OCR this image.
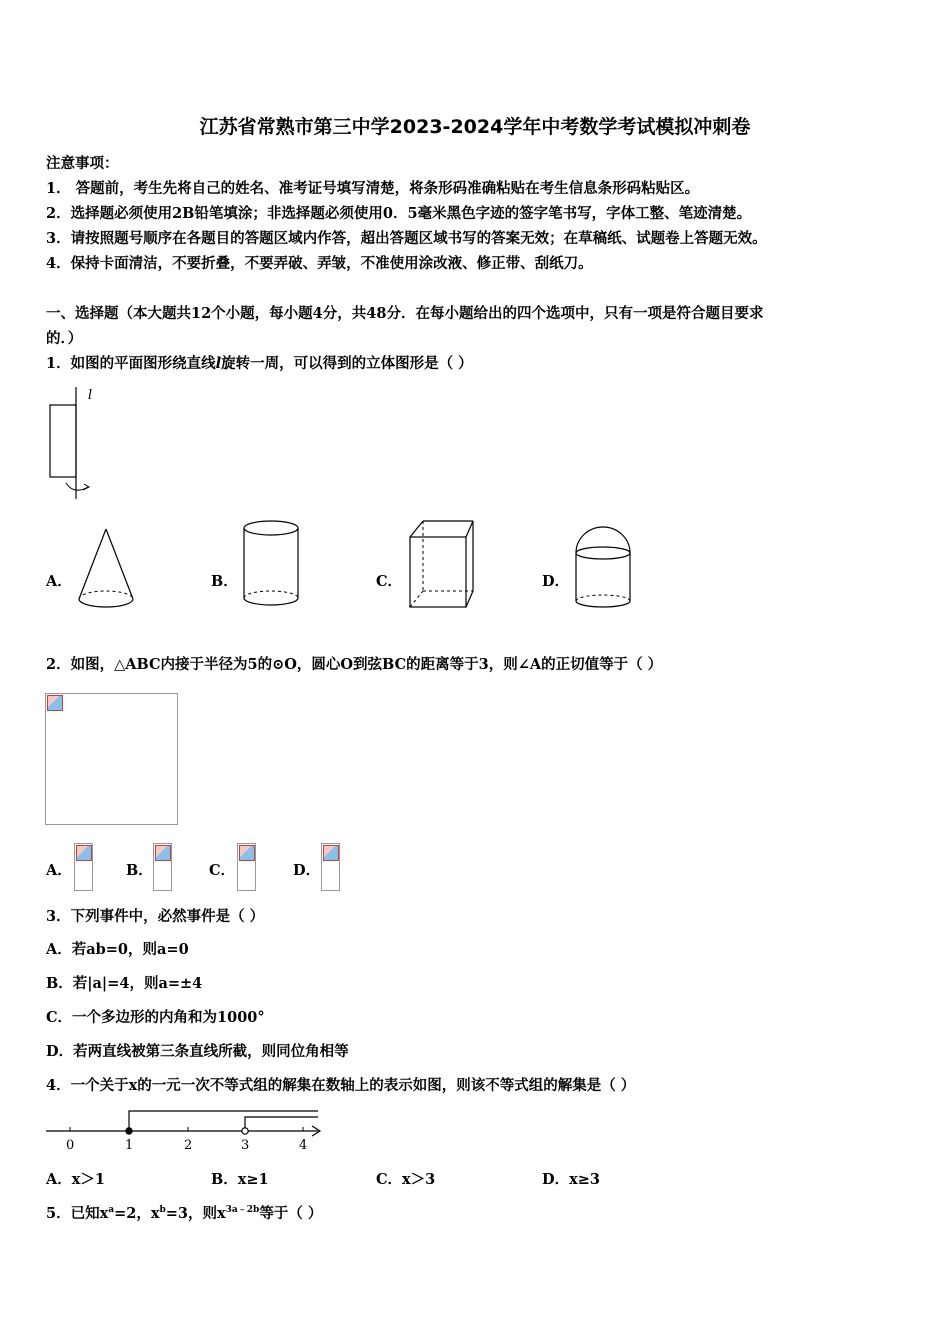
江苏省常熟市第三中学2023-2024学年中考数学考试模拟冲刺卷
注意事项：
1． 答题前，考生先将自己的姓名、准考证号填写清楚，将条形码准确粘贴在考生信息条形码粘贴区。
2．选择题必须使用2B铅笔填涂；非选择题必须使用0．5毫米黑色字迹的签字笔书写，字体工整、笔迹清楚。
3．请按照题号顺序在各题目的答题区域内作答，超出答题区域书写的答案无效；在草稿纸、试题卷上答题无效。
4．保持卡面清洁，不要折叠，不要弄破、弄皱，不准使用涂改液、修正带、刮纸刀。
一、选择题（本大题共12个小题，每小题4分，共48分．在每小题给出的四个选项中，只有一项是符合题目要求
的．）
1．如图的平面图形绕直线l旋转一周，可以得到的立体图形是（ ）
l
A．	B．	C．	D．
2．如图，△ABC内接于半径为5的⊙O，圆心O到弦BC的距离等于3，则∠A的正切值等于（ ）
A．	B．	C．	D．
3．下列事件中，必然事件是（ ）
A．若ab=0，则a=0
B．若|a|=4，则a=±4
C．一个多边形的内角和为1000°
D．若两直线被第三条直线所截，则同位角相等
4．一个关于x的一元一次不等式组的解集在数轴上的表示如图，则该不等式组的解集是（ ）
0	1	2	3	4
A．x＞1	B．x≥1	C．x＞3	D．x≥3
5．已知$x^a=2$，$x^b=3$，则$x^{3a﹣2b}$等于（ ）
